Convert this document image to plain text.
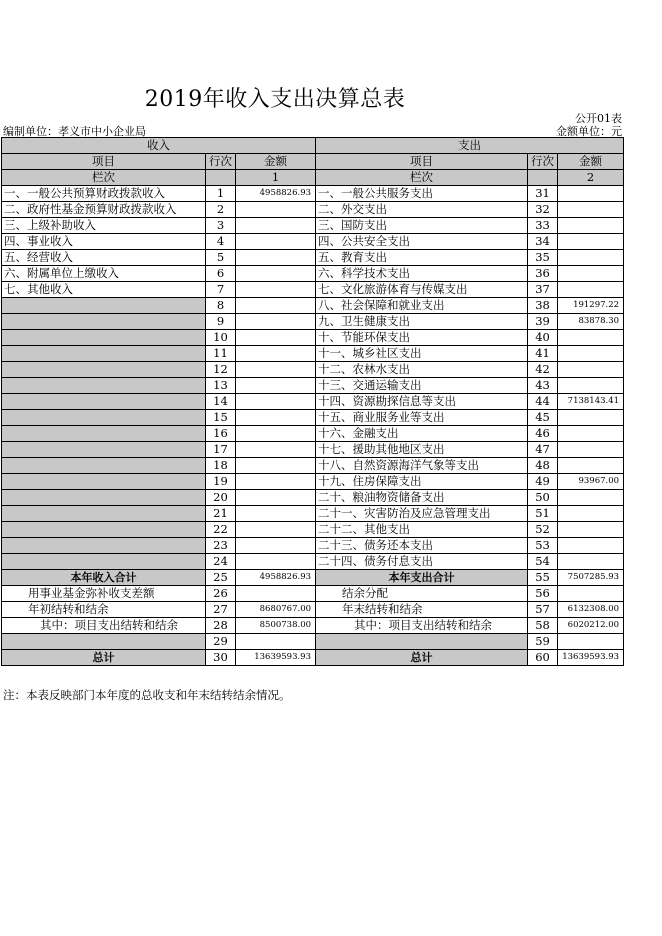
2019年收入支出决算总表
公开01表
编制单位：孝义市中小企业局	金额单位：元
收入			支出		
项目	行次	金额	项目	行次	金额
栏次		1	栏次		2
一、一般公共预算财政拨款收入	1	4958826.93	一、一般公共服务支出	31	
二、政府性基金预算财政拨款收入	2		二、外交支出	32	
三、上级补助收入	3		三、国防支出	33	
四、事业收入	4		四、公共安全支出	34	
五、经营收入	5		五、教育支出	35	
六、附属单位上缴收入	6		六、科学技术支出	36	
七、其他收入	7		七、文化旅游体育与传媒支出	37	
	8		八、社会保障和就业支出	38	191297.22
	9		九、卫生健康支出	39	83878.30
	10		十、节能环保支出	40	
	11		十一、城乡社区支出	41	
	12		十二、农林水支出	42	
	13		十三、交通运输支出	43	
	14		十四、资源勘探信息等支出	44	7138143.41
	15		十五、商业服务业等支出	45	
	16		十六、金融支出	46	
	17		十七、援助其他地区支出	47	
	18		十八、自然资源海洋气象等支出	48	
	19		十九、住房保障支出	49	93967.00
	20		二十、粮油物资储备支出	50	
	21		二十一、灾害防治及应急管理支出	51	
	22		二十二、其他支出	52	
	23		二十三、债务还本支出	53	
	24		二十四、债务付息支出	54	
本年收入合计	25	4958826.93	本年支出合计	55	7507285.93
用事业基金弥补收支差额	26		结余分配	56	
年初结转和结余	27	8680767.00	年末结转和结余	57	6132308.00
其中：项目支出结转和结余	28	8500738.00	其中：项目支出结转和结余	58	6020212.00
	29			59	
总计	30	13639593.93	总计	60	13639593.93
注：本表反映部门本年度的总收支和年末结转结余情况。
